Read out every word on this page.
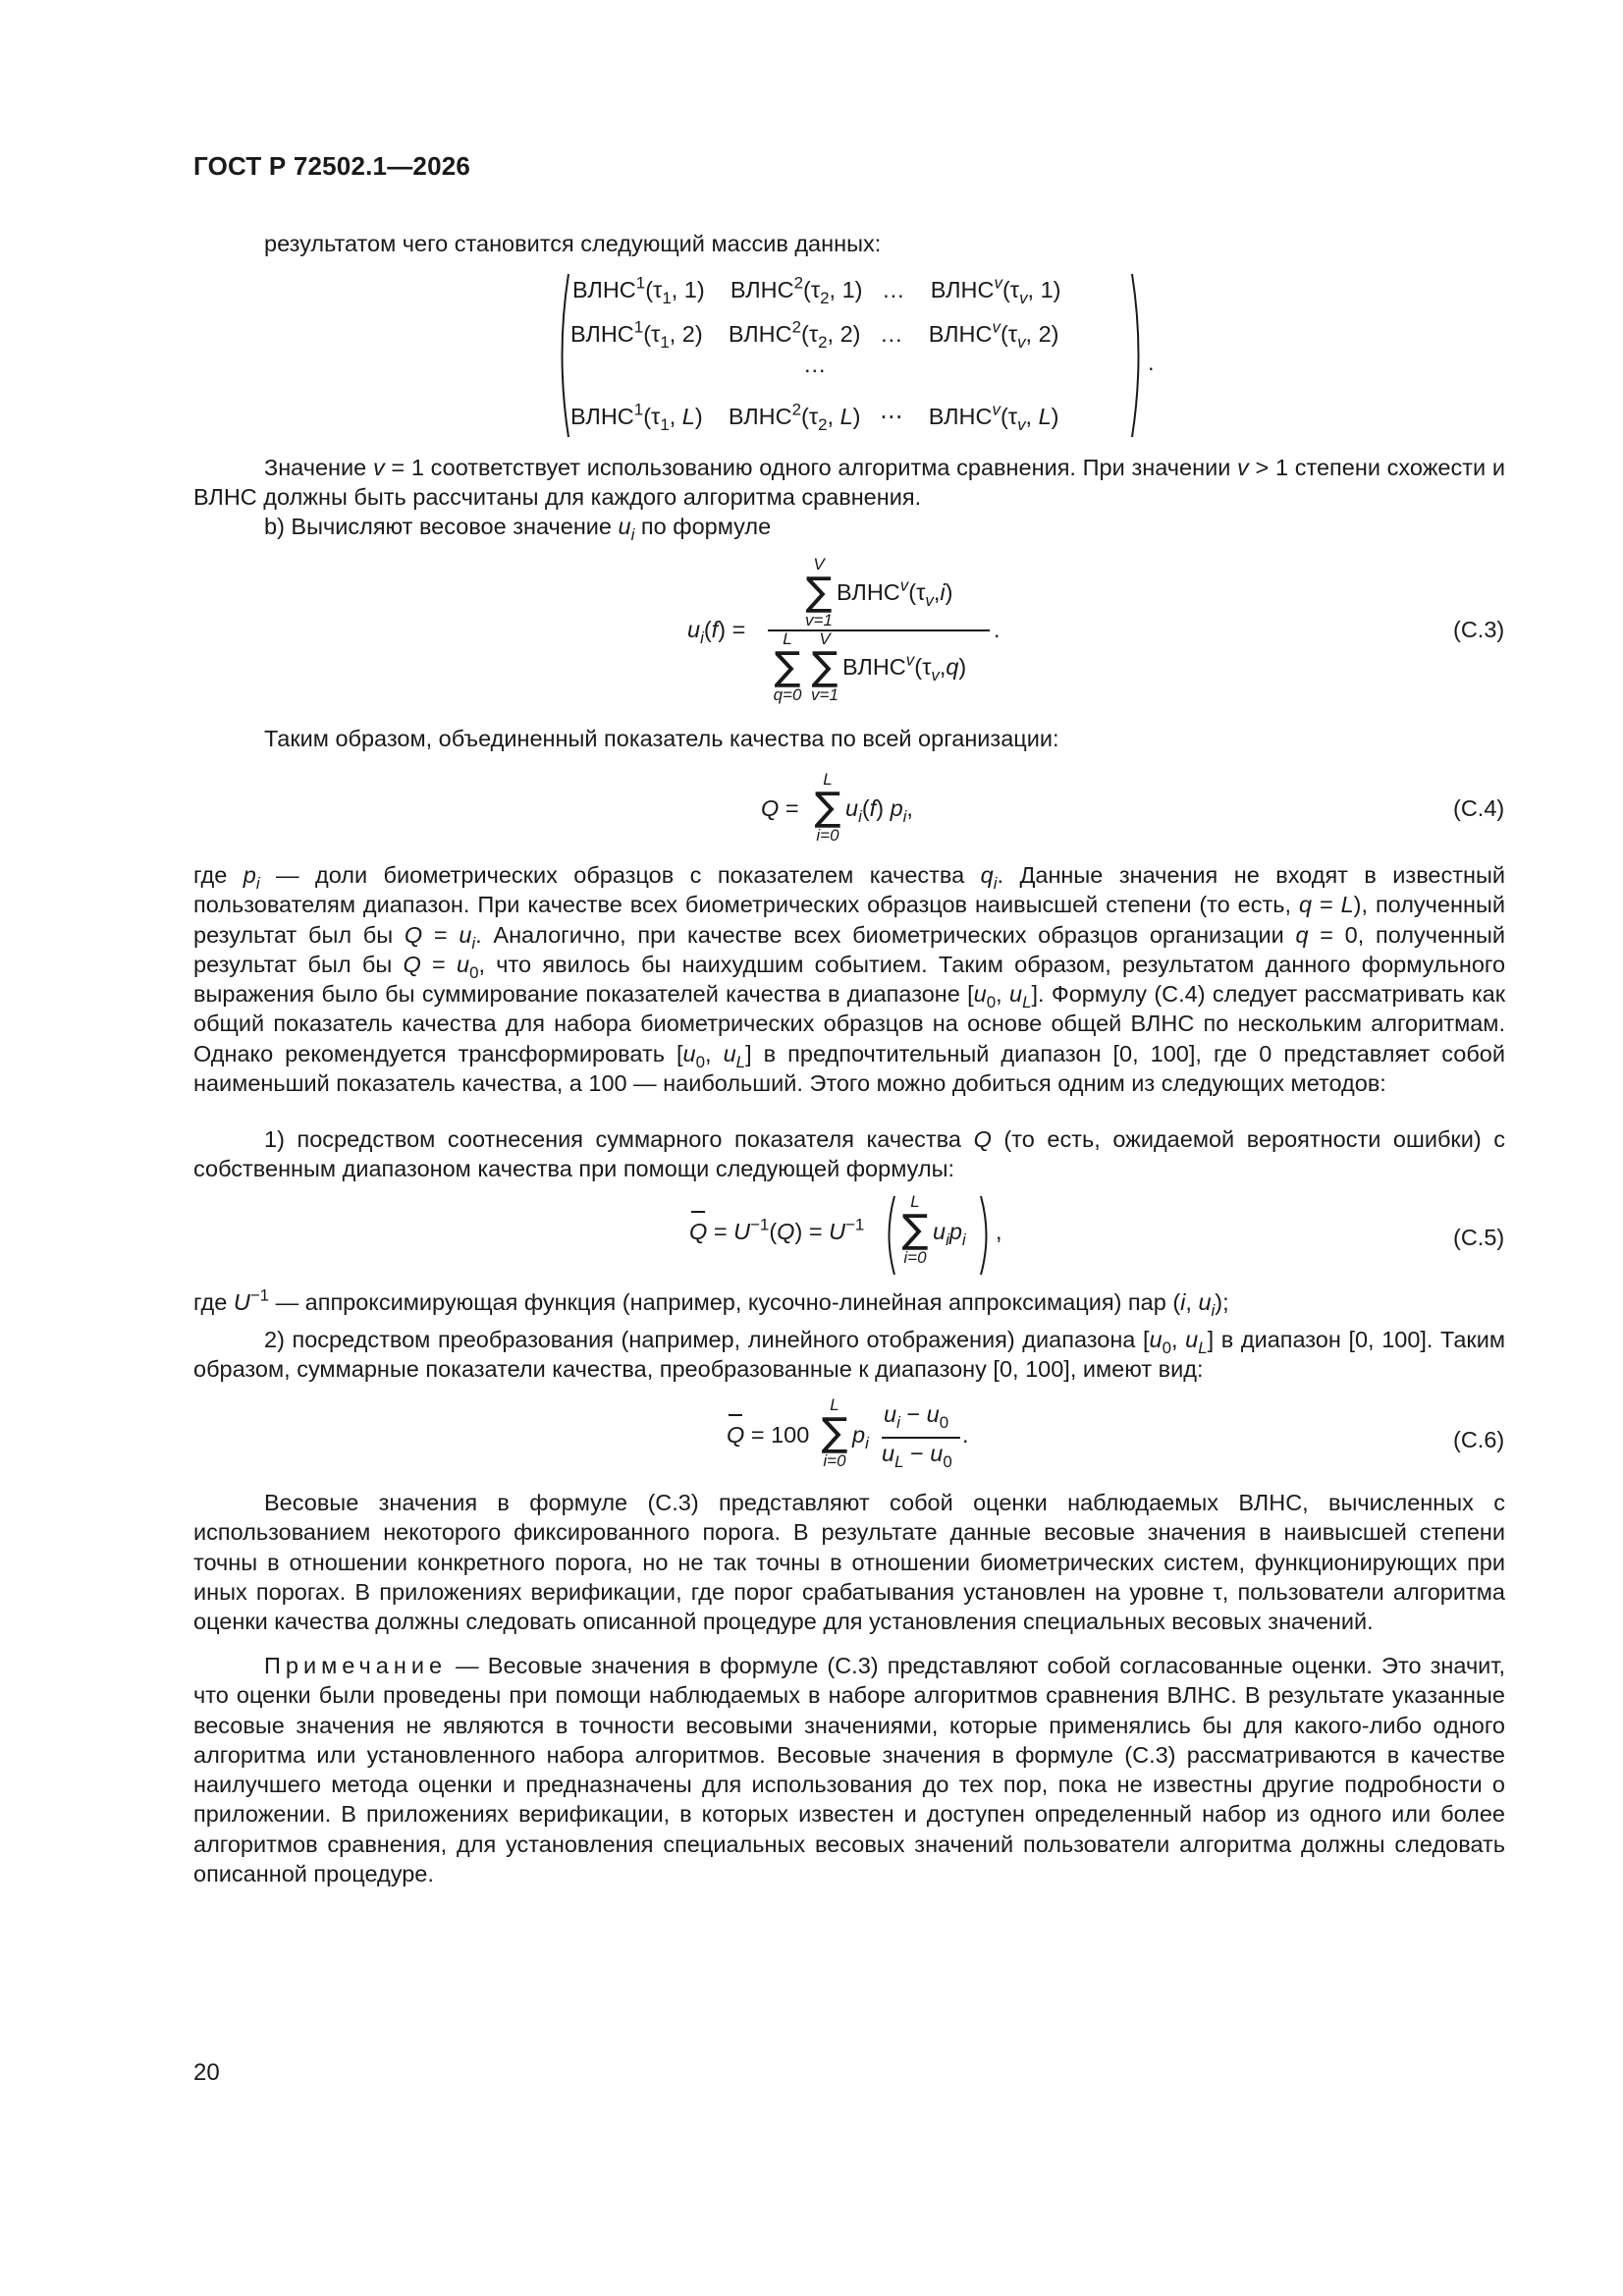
ГОСТ Р 72502.1—2026

результатом чего становится следующий массив данных:

$ВЛНС^1(\tau_1$, 1)    $ВЛНС^2(\tau_2$, 1)   … $ВЛНС^v(\tau_v$, 1)
$ВЛНС^1(\tau_1$, 2)    $ВЛНС^2(\tau_2$, 2)   … $ВЛНС^v(\tau_v$, 2)
…
$ВЛНС^1(\tau_1$, L)    $ВЛНС^2(\tau_2$, L)   ⋯ $ВЛНС^v(\tau_v$, L)
.

Значение v = 1 соответствует использованию одного алгоритма сравнения. При значении v > 1 степени схожести и ВЛНС должны быть рассчитаны для каждого алгоритма сравнения.

b) Вычисляют весовое значение $u_i$ по формуле

$u_i(f)$ =
V
∑
v=1
$ВЛНС^v(\tau_v,i)$
.
L
∑
q=0
V
∑
v=1
$ВЛНС^v(\tau_v,q)$
(C.3)

Таким образом, объединенный показатель качества по всей организации:

Q =
L
∑
i=0
$u_i(f)$ $p_i$,	(C.4)

где $p_i$ — доли биометрических образцов с показателем качества $q_i$. Данные значения не входят в известный пользователям диапазон. При качестве всех биометрических образцов наивысшей степени (то есть, q = L), полученный результат был бы $Q = u_i$. Аналогично, при качестве всех биометрических образцов организации q = 0, полученный результат был бы $Q = u_0$, что явилось бы наихудшим событием. Таким образом, результатом данного формульного выражения было бы суммирование показателей качества в диапазоне [$u_0$, $u_L$]. Формулу (C.4) следует рассматривать как общий показатель качества для набора биометрических образцов на основе общей ВЛНС по нескольким алгоритмам. Однако рекомендуется трансформировать [$u_0$, $u_L$] в предпочтительный диапазон [0, 100], где 0 представляет собой наименьший показатель качества, а 100 — наибольший. Этого можно добиться одним из следующих методов:

1) посредством соотнесения суммарного показателя качества Q (то есть, ожидаемой вероятности ошибки) с собственным диапазоном качества при помощи следующей формулы:

$Q = U^{-1}(Q) = U^{-1}$
L
∑
i=0
$u_ip_i$ ,	(C.5)

где $U^{-1}$ — аппроксимирующая функция (например, кусочно-линейная аппроксимация) пар (i, $u_i$);

2) посредством преобразования (например, линейного отображения) диапазона [$u_0$, $u_L$] в диапазон [0, 100]. Таким образом, суммарные показатели качества, преобразованные к диапазону [0, 100], имеют вид:

Q = 100
L
∑
i=0
$p_i$
$u_i - u_0$
$u_L - u_0$
.	(C.6)

Весовые значения в формуле (C.3) представляют собой оценки наблюдаемых ВЛНС, вычисленных с использованием некоторого фиксированного порога. В результате данные весовые значения в наивысшей степени точны в отношении конкретного порога, но не так точны в отношении биометрических систем, функционирующих при иных порогах. В приложениях верификации, где порог срабатывания установлен на уровне τ, пользователи алгоритма оценки качества должны следовать описанной процедуре для установления специальных весовых значений.

Примечание — Весовые значения в формуле (C.3) представляют собой согласованные оценки. Это значит, что оценки были проведены при помощи наблюдаемых в наборе алгоритмов сравнения ВЛНС. В результате указанные весовые значения не являются в точности весовыми значениями, которые применялись бы для какого-либо одного алгоритма или установленного набора алгоритмов. Весовые значения в формуле (C.3) рассматриваются в качестве наилучшего метода оценки и предназначены для использования до тех пор, пока не известны другие подробности о приложении. В приложениях верификации, в которых известен и доступен определенный набор из одного или более алгоритмов сравнения, для установления специальных весовых значений пользователи алгоритма должны следовать описанной процедуре.

20
